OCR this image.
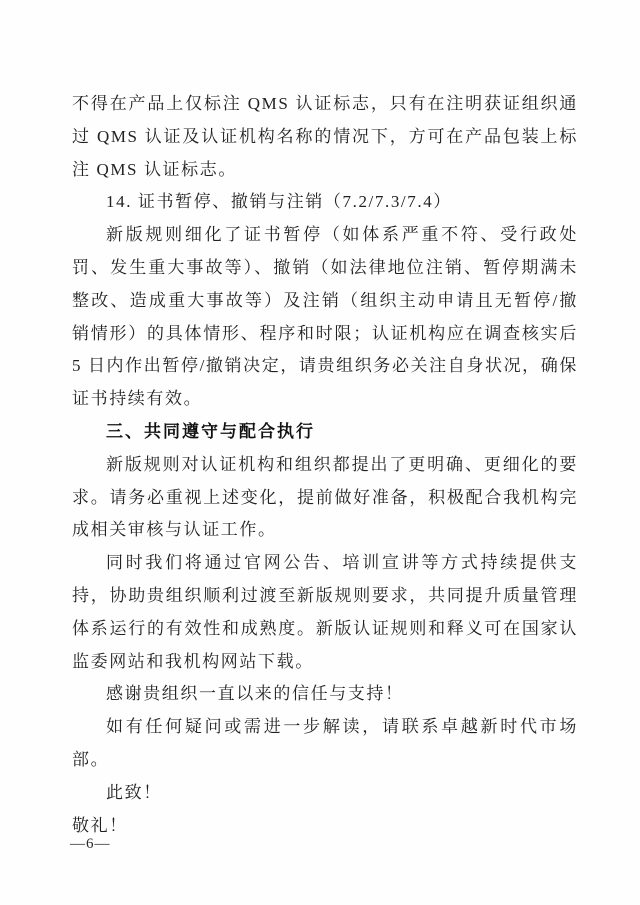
不得在产品上仅标注 QMS 认证标志，只有在注明获证组织通过 QMS 认证及认证机构名称的情况下，方可在产品包装上标注 QMS 认证标志。

14. 证书暂停、撤销与注销（7.2/7.3/7.4）

新版规则细化了证书暂停（如体系严重不符、受行政处罚、发生重大事故等）、撤销（如法律地位注销、暂停期满未整改、造成重大事故等）及注销（组织主动申请且无暂停/撤销情形）的具体情形、程序和时限；认证机构应在调查核实后 5 日内作出暂停/撤销决定，请贵组织务必关注自身状况，确保证书持续有效。

三、共同遵守与配合执行

新版规则对认证机构和组织都提出了更明确、更细化的要求。请务必重视上述变化，提前做好准备，积极配合我机构完成相关审核与认证工作。

同时我们将通过官网公告、培训宣讲等方式持续提供支持，协助贵组织顺利过渡至新版规则要求，共同提升质量管理体系运行的有效性和成熟度。新版认证规则和释义可在国家认监委网站和我机构网站下载。

感谢贵组织一直以来的信任与支持！

如有任何疑问或需进一步解读，请联系卓越新时代市场部。

此致！

敬礼！

—6—
